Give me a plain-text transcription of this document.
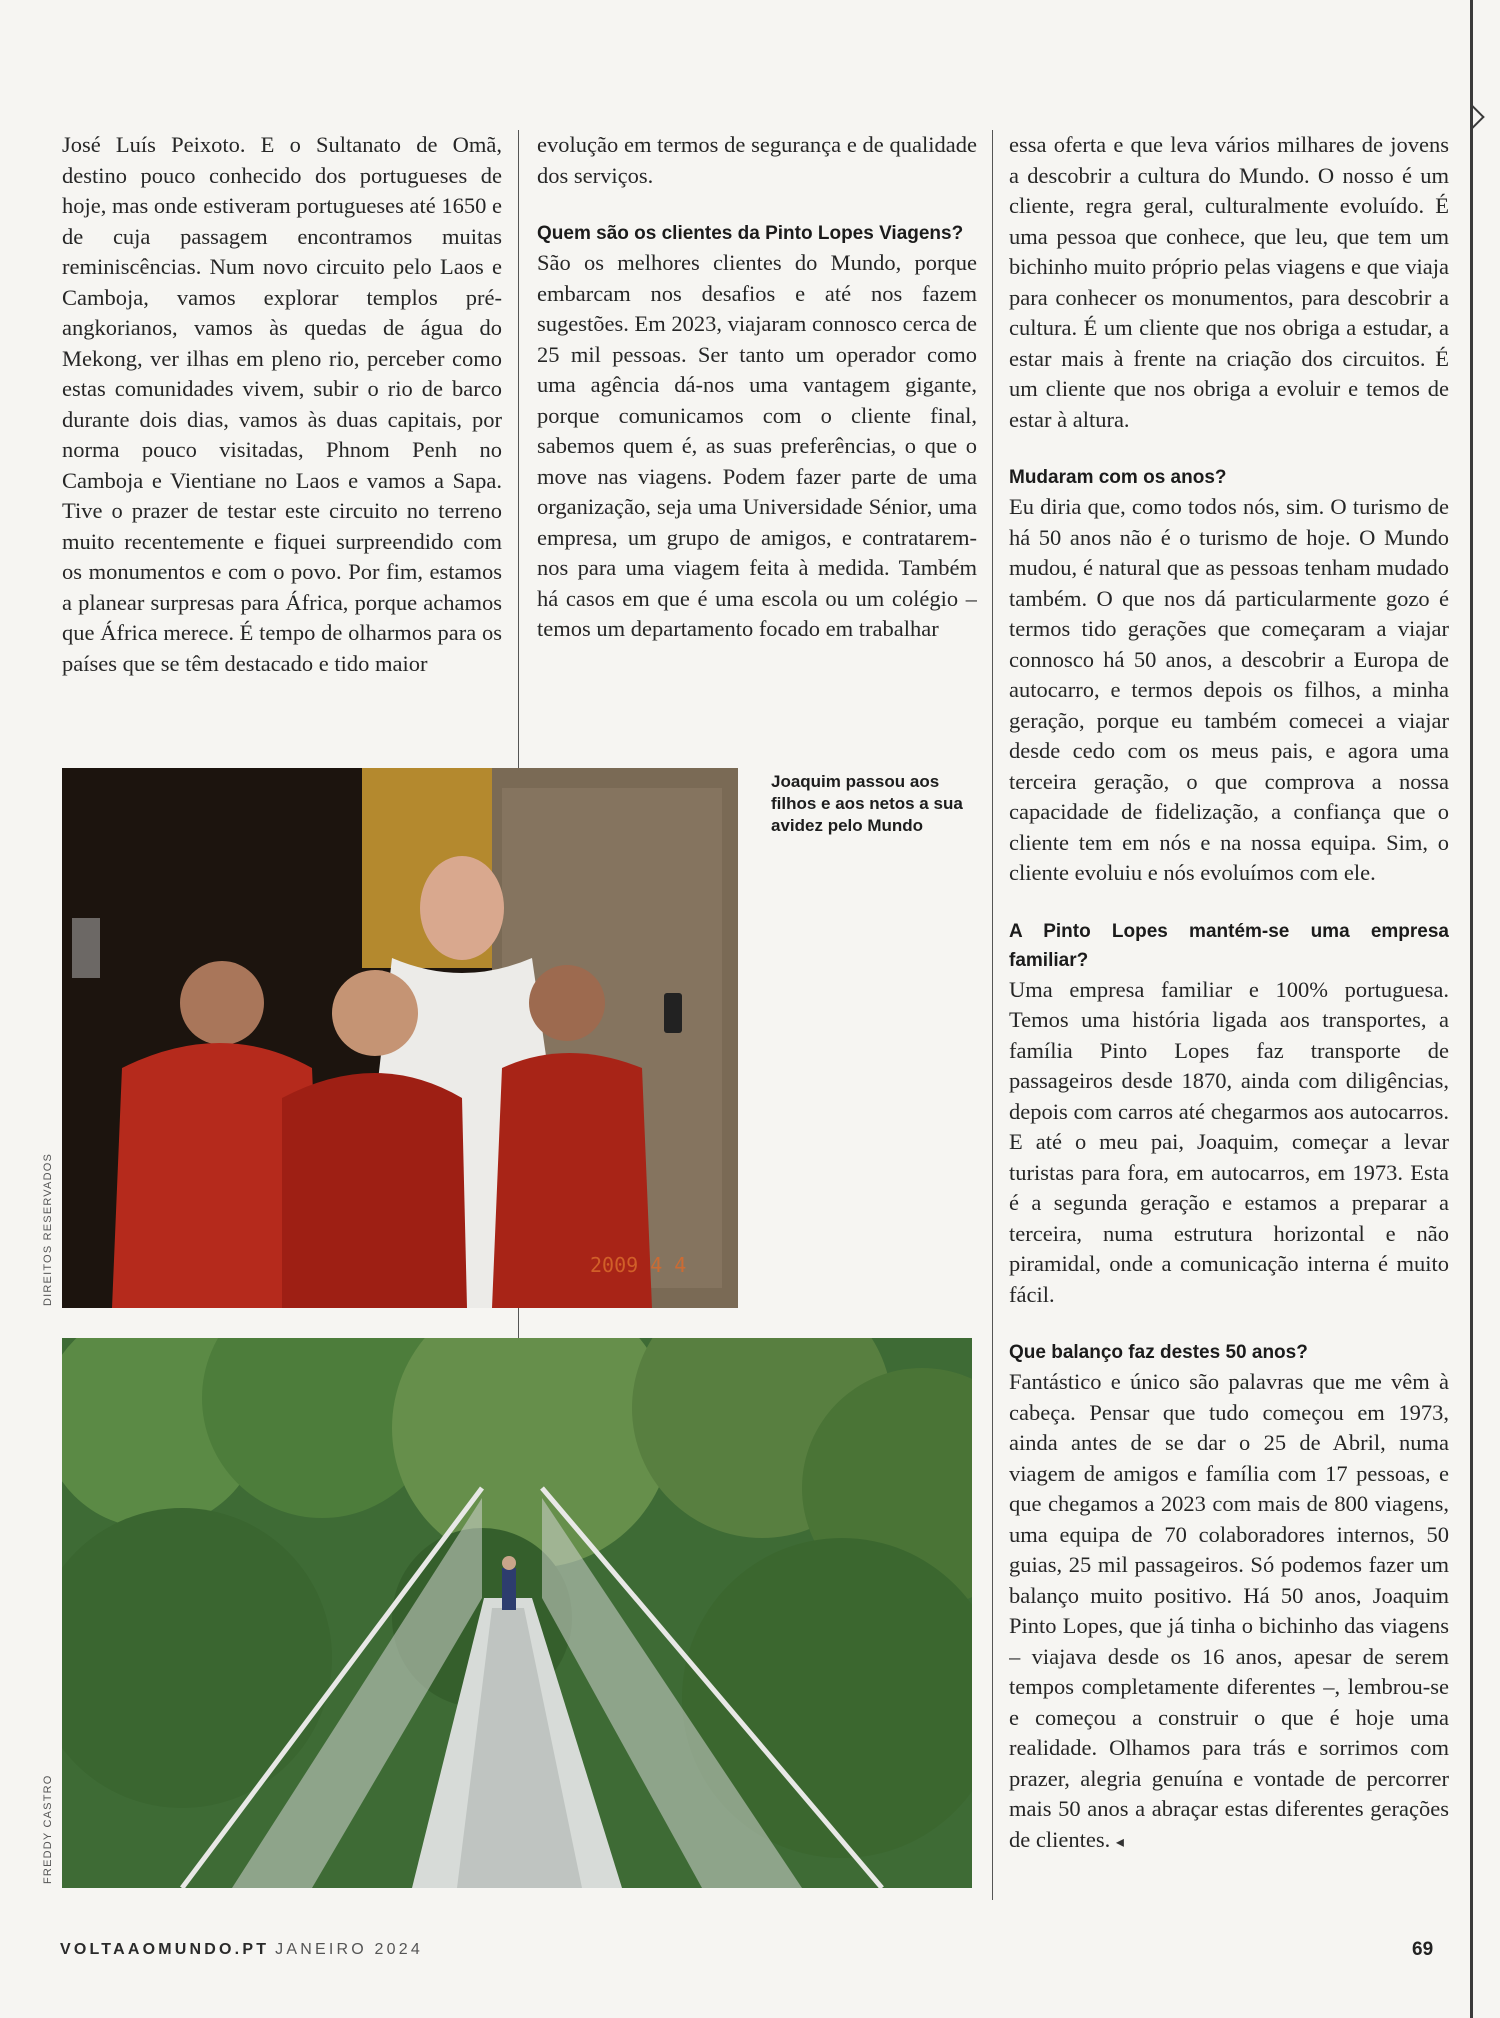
José Luís Peixoto. E o Sultanato de Omã, destino pouco conhecido dos portugueses de hoje, mas onde estiveram portugueses até 1650 e de cuja passagem encontramos muitas reminiscências. Num novo circuito pelo Laos e Camboja, vamos explorar templos pré-angkorianos, vamos às quedas de água do Mekong, ver ilhas em pleno rio, perceber como estas comunidades vivem, subir o rio de barco durante dois dias, vamos às duas capitais, por norma pouco visitadas, Phnom Penh no Camboja e Vientiane no Laos e vamos a Sapa. Tive o prazer de testar este circuito no terreno muito recentemente e fiquei surpreendido com os monumentos e com o povo. Por fim, estamos a planear surpresas para África, porque achamos que África merece. É tempo de olharmos para os países que se têm destacado e tido maior

evolução em termos de segurança e de qualidade dos serviços.

Quem são os clientes da Pinto Lopes Viagens?

São os melhores clientes do Mundo, porque embarcam nos desafios e até nos fazem sugestões. Em 2023, viajaram connosco cerca de 25 mil pessoas. Ser tanto um operador como uma agência dá-nos uma vantagem gigante, porque comunicamos com o cliente final, sabemos quem é, as suas preferências, o que o move nas viagens. Podem fazer parte de uma organização, seja uma Universidade Sénior, uma empresa, um grupo de amigos, e contratarem-nos para uma viagem feita à medida. Também há casos em que é uma escola ou um colégio – temos um departamento focado em trabalhar

essa oferta e que leva vários milhares de jovens a descobrir a cultura do Mundo. O nosso é um cliente, regra geral, culturalmente evoluído. É uma pessoa que conhece, que leu, que tem um bichinho muito próprio pelas viagens e que viaja para conhecer os monumentos, para descobrir a cultura. É um cliente que nos obriga a estudar, a estar mais à frente na criação dos circuitos. É um cliente que nos obriga a evoluir e temos de estar à altura.

Mudaram com os anos?

Eu diria que, como todos nós, sim. O turismo de há 50 anos não é o turismo de hoje. O Mundo mudou, é natural que as pessoas tenham mudado também. O que nos dá particularmente gozo é termos tido gerações que começaram a viajar connosco há 50 anos, a descobrir a Europa de autocarro, e termos depois os filhos, a minha geração, porque eu também comecei a viajar desde cedo com os meus pais, e agora uma terceira geração, o que comprova a nossa capacidade de fidelização, a confiança que o cliente tem em nós e na nossa equipa. Sim, o cliente evoluiu e nós evoluímos com ele.

A Pinto Lopes mantém-se uma empresa familiar?

Uma empresa familiar e 100% portuguesa. Temos uma história ligada aos transportes, a família Pinto Lopes faz transporte de passageiros desde 1870, ainda com diligências, depois com carros até chegarmos aos autocarros. E até o meu pai, Joaquim, começar a levar turistas para fora, em autocarros, em 1973. Esta é a segunda geração e estamos a preparar a terceira, numa estrutura horizontal e não piramidal, onde a comunicação interna é muito fácil.

Que balanço faz destes 50 anos?

Fantástico e único são palavras que me vêm à cabeça. Pensar que tudo começou em 1973, ainda antes de se dar o 25 de Abril, numa viagem de amigos e família com 17 pessoas, e que chegamos a 2023 com mais de 800 viagens, uma equipa de 70 colaboradores internos, 50 guias, 25 mil passageiros. Só podemos fazer um balanço muito positivo. Há 50 anos, Joaquim Pinto Lopes, que já tinha o bichinho das viagens – viajava desde os 16 anos, apesar de serem tempos completamente diferentes –, lembrou-se e começou a construir o que é hoje uma realidade. Olhamos para trás e sorrimos com prazer, alegria genuína e vontade de percorrer mais 50 anos a abraçar estas diferentes gerações de clientes. ◂

2009 4 4
Joaquim passou aos filhos e aos netos a sua avidez pelo Mundo
DIREITOS RESERVADOS
FREDDY CASTRO
VOLTAAOMUNDO.PT JANEIRO 2024	69
